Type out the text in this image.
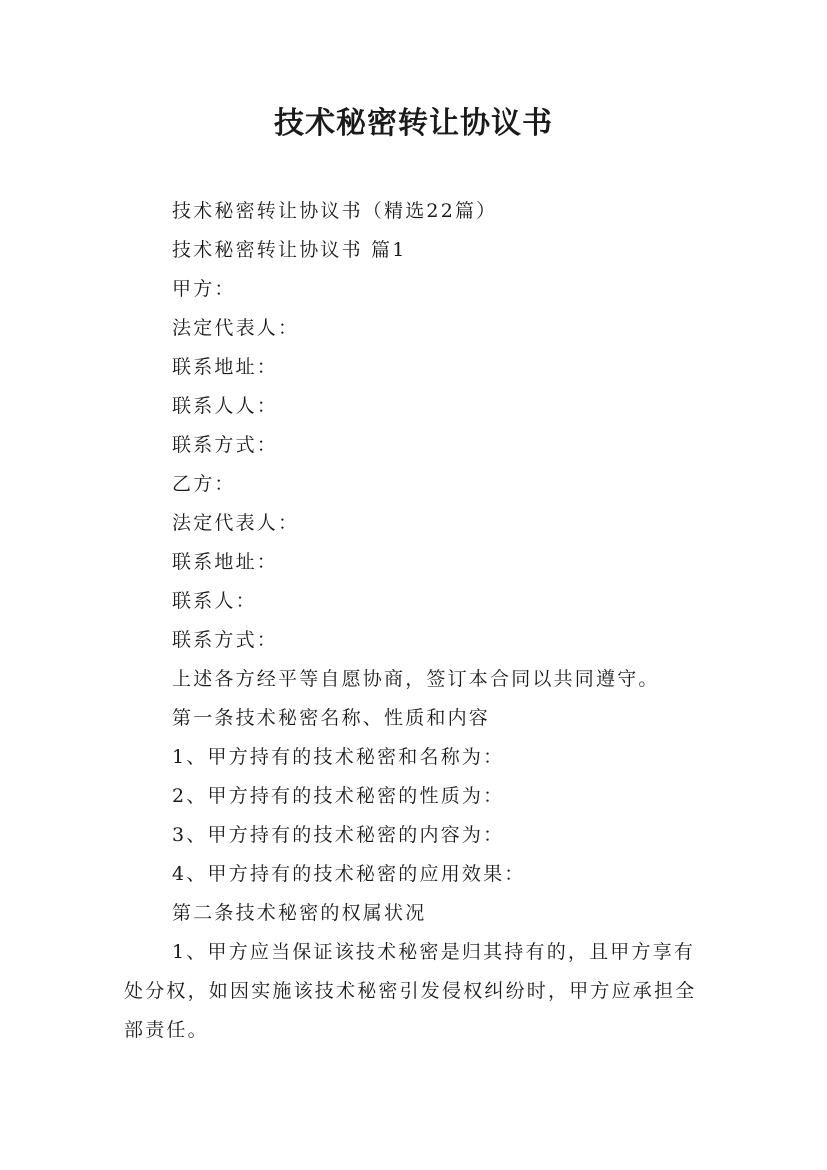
技术秘密转让协议书
技术秘密转让协议书（精选22篇）
技术秘密转让协议书 篇1
甲方：
法定代表人：
联系地址：
联系人人：
联系方式：
乙方：
法定代表人：
联系地址：
联系人：
联系方式：
上述各方经平等自愿协商，签订本合同以共同遵守。
第一条技术秘密名称、性质和内容
1、甲方持有的技术秘密和名称为：
2、甲方持有的技术秘密的性质为：
3、甲方持有的技术秘密的内容为：
4、甲方持有的技术秘密的应用效果：
第二条技术秘密的权属状况
1、甲方应当保证该技术秘密是归其持有的，且甲方享有处分权，如因实施该技术秘密引发侵权纠纷时，甲方应承担全部责任。
